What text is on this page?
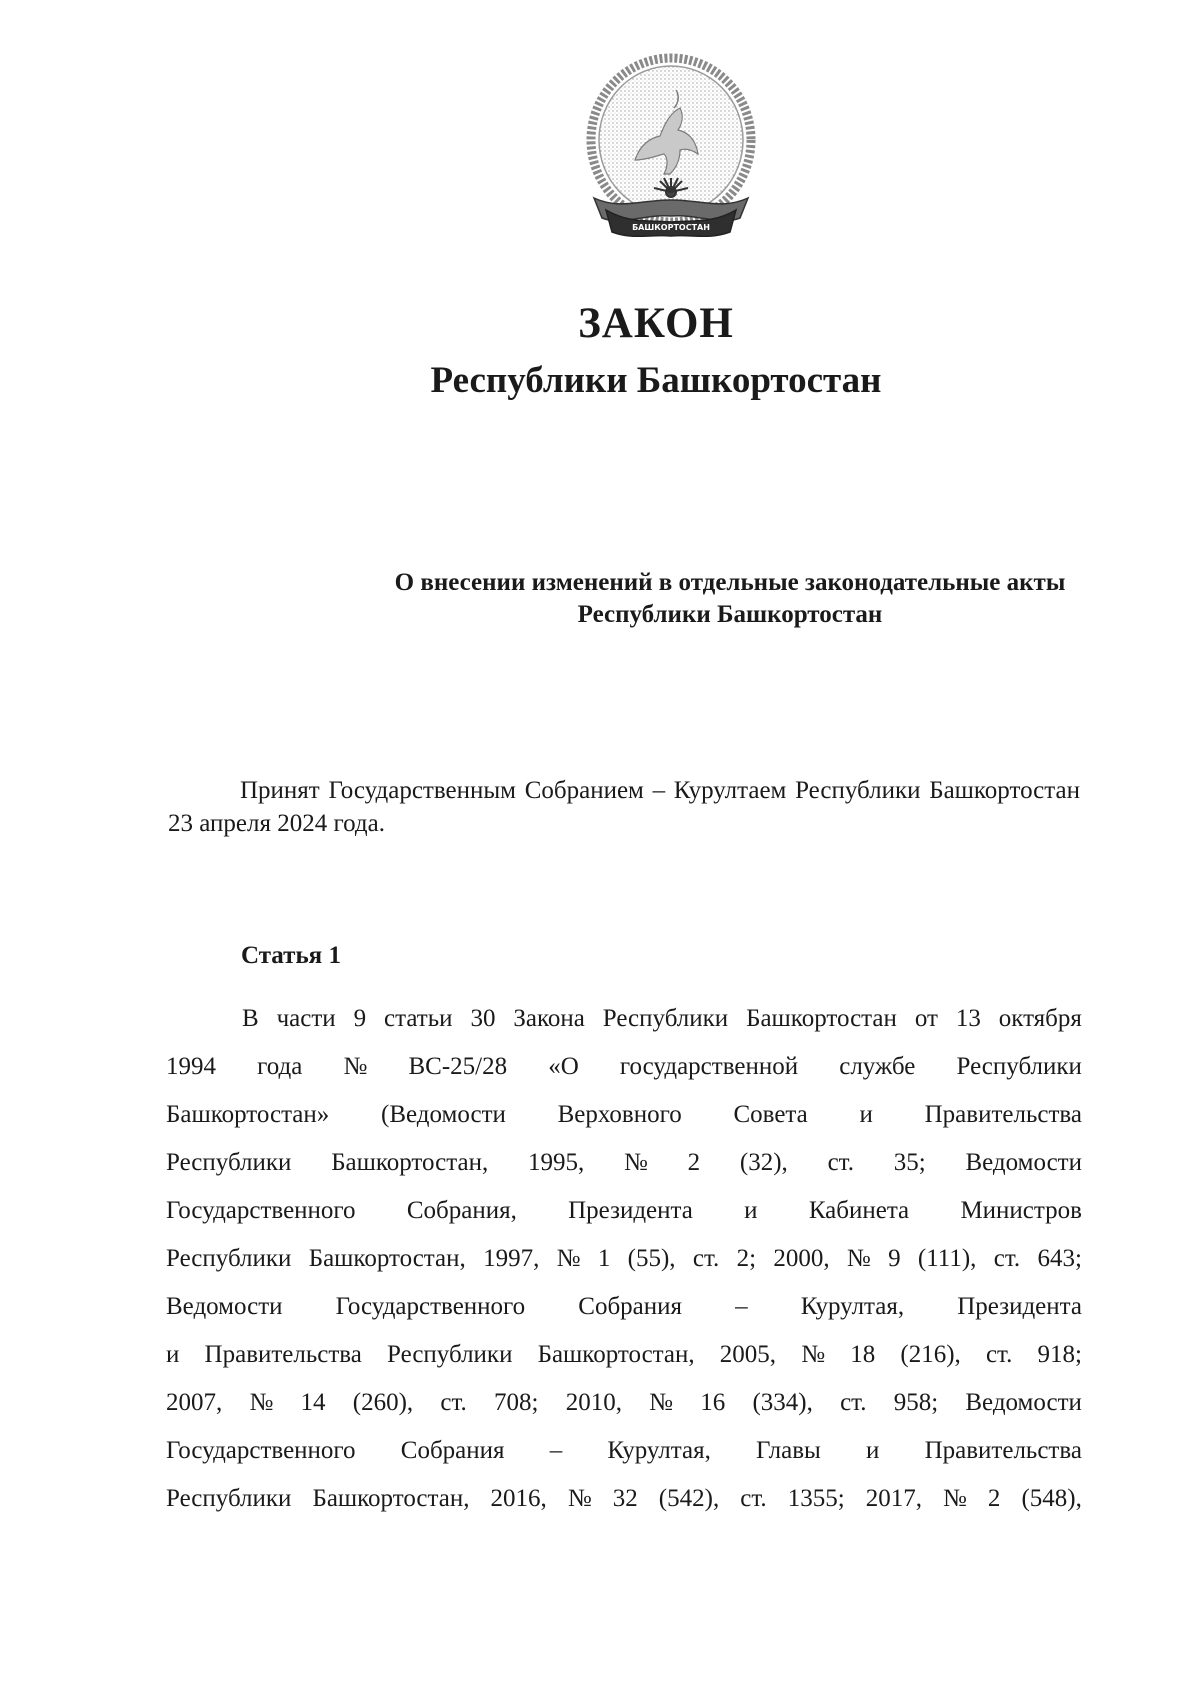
БАШКОРТОСТАН
ЗАКОН
Республики Башкортостан
О внесении изменений в отдельные законодательные акты
Республики Башкортостан

Принят Государственным Собранием – Курултаем Республики Башкортостан 23 апреля 2024 года.

Статья 1
В части 9 статьи 30 Закона Республики Башкортостан от 13 октября
1994 года № ВС-25/28 «О государственной службе Республики
Башкортостан» (Ведомости Верховного Совета и Правительства
Республики Башкортостан, 1995, № 2 (32), ст. 35; Ведомости
Государственного Собрания, Президента и Кабинета Министров
Республики Башкортостан, 1997, № 1 (55), ст. 2; 2000, № 9 (111), ст. 643;
Ведомости Государственного Собрания – Курултая, Президента
и Правительства Республики Башкортостан, 2005, № 18 (216), ст. 918;
2007, № 14 (260), ст. 708; 2010, № 16 (334), ст. 958; Ведомости
Государственного Собрания – Курултая, Главы и Правительства
Республики Башкортостан, 2016, № 32 (542), ст. 1355; 2017, № 2 (548),
